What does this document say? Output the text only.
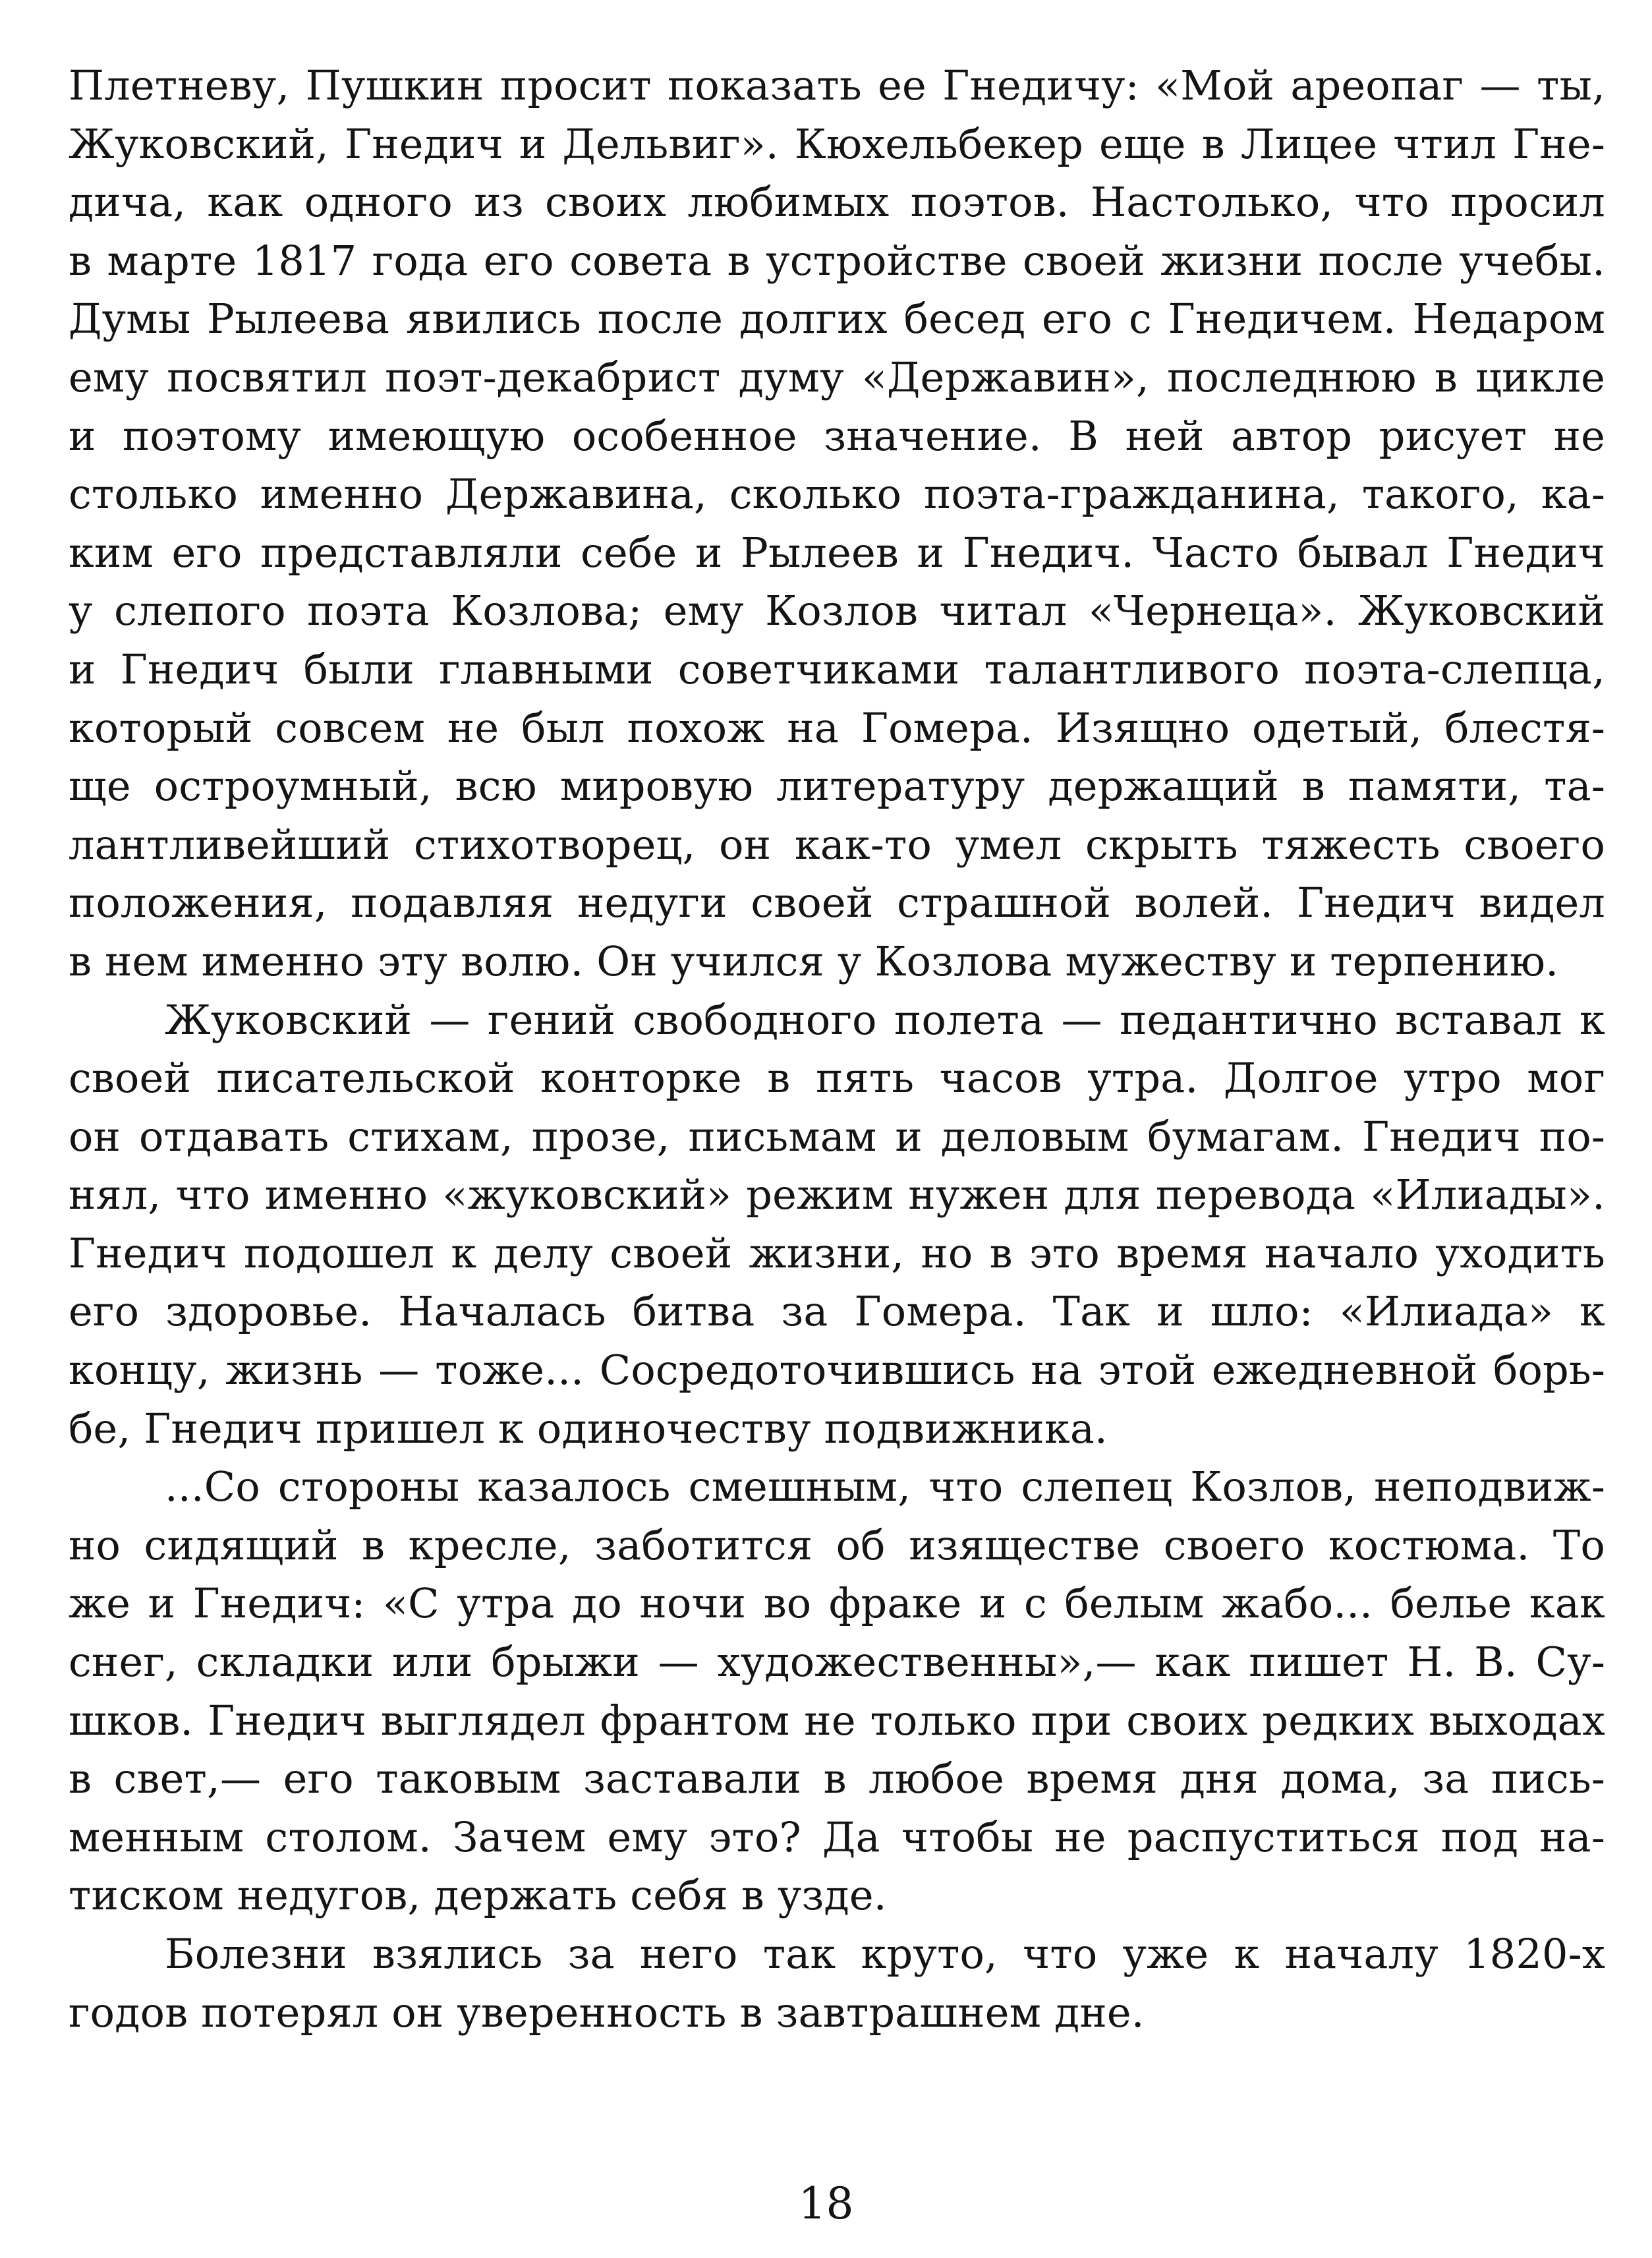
Плетневу, Пушкин просит показать ее Гнедичу: «Мой ареопаг — ты,
Жуковский, Гнедич и Дельвиг». Кюхельбекер еще в Лицее чтил Гне-
дича, как одного из своих любимых поэтов. Настолько, что просил
в марте 1817 года его совета в устройстве своей жизни после учебы.
Думы Рылеева явились после долгих бесед его с Гнедичем. Недаром
ему посвятил поэт-декабрист думу «Державин», последнюю в цикле
и поэтому имеющую особенное значение. В ней автор рисует не
столько именно Державина, сколько поэта-гражданина, такого, ка-
ким его представляли себе и Рылеев и Гнедич. Часто бывал Гнедич
у слепого поэта Козлова; ему Козлов читал «Чернеца». Жуковский
и Гнедич были главными советчиками талантливого поэта-слепца,
который совсем не был похож на Гомера. Изящно одетый, блестя-
ще остроумный, всю мировую литературу держащий в памяти, та-
лантливейший стихотворец, он как-то умел скрыть тяжесть своего
положения, подавляя недуги своей страшной волей. Гнедич видел
в нем именно эту волю. Он учился у Козлова мужеству и терпению.
Жуковский — гений свободного полета — педантично вставал к
своей писательской конторке в пять часов утра. Долгое утро мог
он отдавать стихам, прозе, письмам и деловым бумагам. Гнедич по-
нял, что именно «жуковский» режим нужен для перевода «Илиады».
Гнедич подошел к делу своей жизни, но в это время начало уходить
его здоровье. Началась битва за Гомера. Так и шло: «Илиада» к
концу, жизнь — тоже... Сосредоточившись на этой ежедневной борь-
бе, Гнедич пришел к одиночеству подвижника.
...Со стороны казалось смешным, что слепец Козлов, неподвиж-
но сидящий в кресле, заботится об изяществе своего костюма. То
же и Гнедич: «С утра до ночи во фраке и с белым жабо... белье как
снег, складки или брыжи — художественны»,— как пишет Н. В. Су-
шков. Гнедич выглядел франтом не только при своих редких выходах
в свет,— его таковым заставали в любое время дня дома, за пись-
менным столом. Зачем ему это? Да чтобы не распуститься под на-
тиском недугов, держать себя в узде.
Болезни взялись за него так круто, что уже к началу 1820-х
годов потерял он уверенность в завтрашнем дне.
18
